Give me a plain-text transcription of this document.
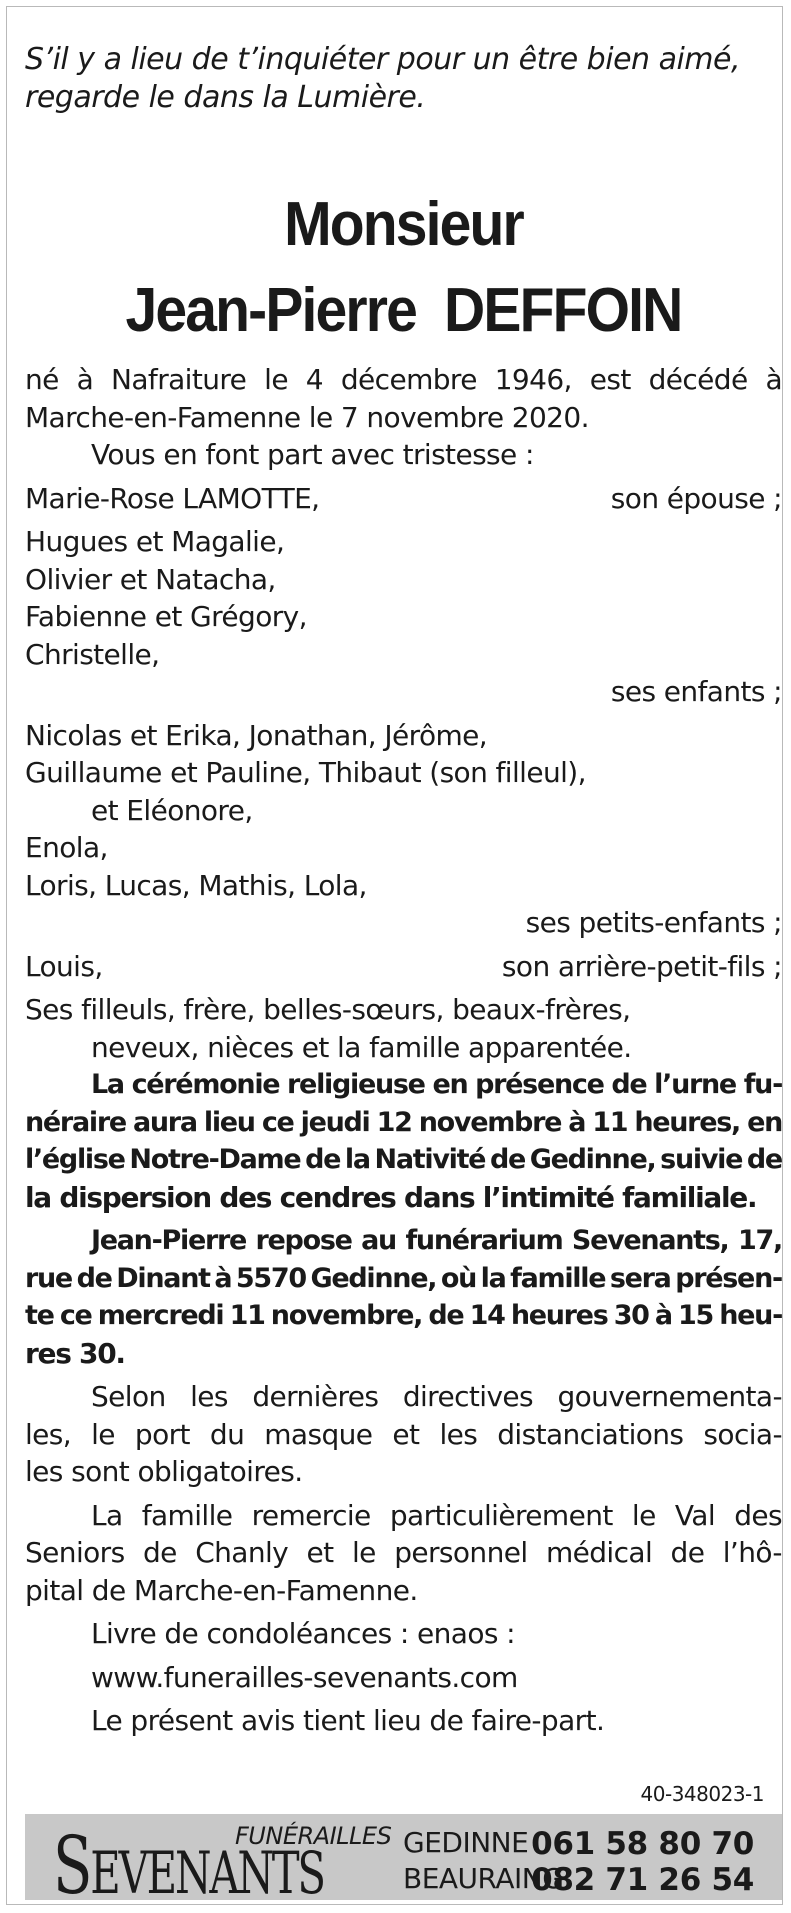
S’il y a lieu de t’inquiéter pour un être bien aimé,
regarde le dans la Lumière.
Monsieur
Jean-Pierre  DEFFOIN
né à Nafraiture le 4 décembre 1946, est décédé à
Marche-en-Famenne le 7 novembre 2020.
Vous en font part avec tristesse :
Marie-Rose LAMOTTE,	son épouse ;
Hugues et Magalie,
Olivier et Natacha,
Fabienne et Grégory,
Christelle,
ses enfants ;
Nicolas et Erika, Jonathan, Jérôme,
Guillaume et Pauline, Thibaut (son filleul),
et Eléonore,
Enola,
Loris, Lucas, Mathis, Lola,
ses petits-enfants ;
Louis,	son arrière-petit-fils ;
Ses filleuls, frère, belles-sœurs, beaux-frères,
neveux, nièces et la famille apparentée.
La cérémonie religieuse en présence de l’urne fu-
néraire aura lieu ce jeudi 12 novembre à 11 heures, en
l’église Notre-Dame de la Nativité de Gedinne, suivie de
la dispersion des cendres dans l’intimité familiale.
Jean-Pierre repose au funérarium Sevenants, 17,
rue de Dinant à 5570 Gedinne, où la famille sera présen-
te ce mercredi 11 novembre, de 14 heures 30 à 15 heu-
res 30.
Selon les dernières directives gouvernementa-
les, le port du masque et les distanciations socia-
les sont obligatoires.
La famille remercie particulièrement le Val des
Seniors de Chanly et le personnel médical de l’hô-
pital de Marche-en-Famenne.
Livre de condoléances : enaos :
www.funerailles-sevenants.com
Le présent avis tient lieu de faire-part.
40-348023-1
FUNÉRAILLES
SEVENANTS	GEDINNE 061 58 80 70
BEAURAING
082 71 26 54
